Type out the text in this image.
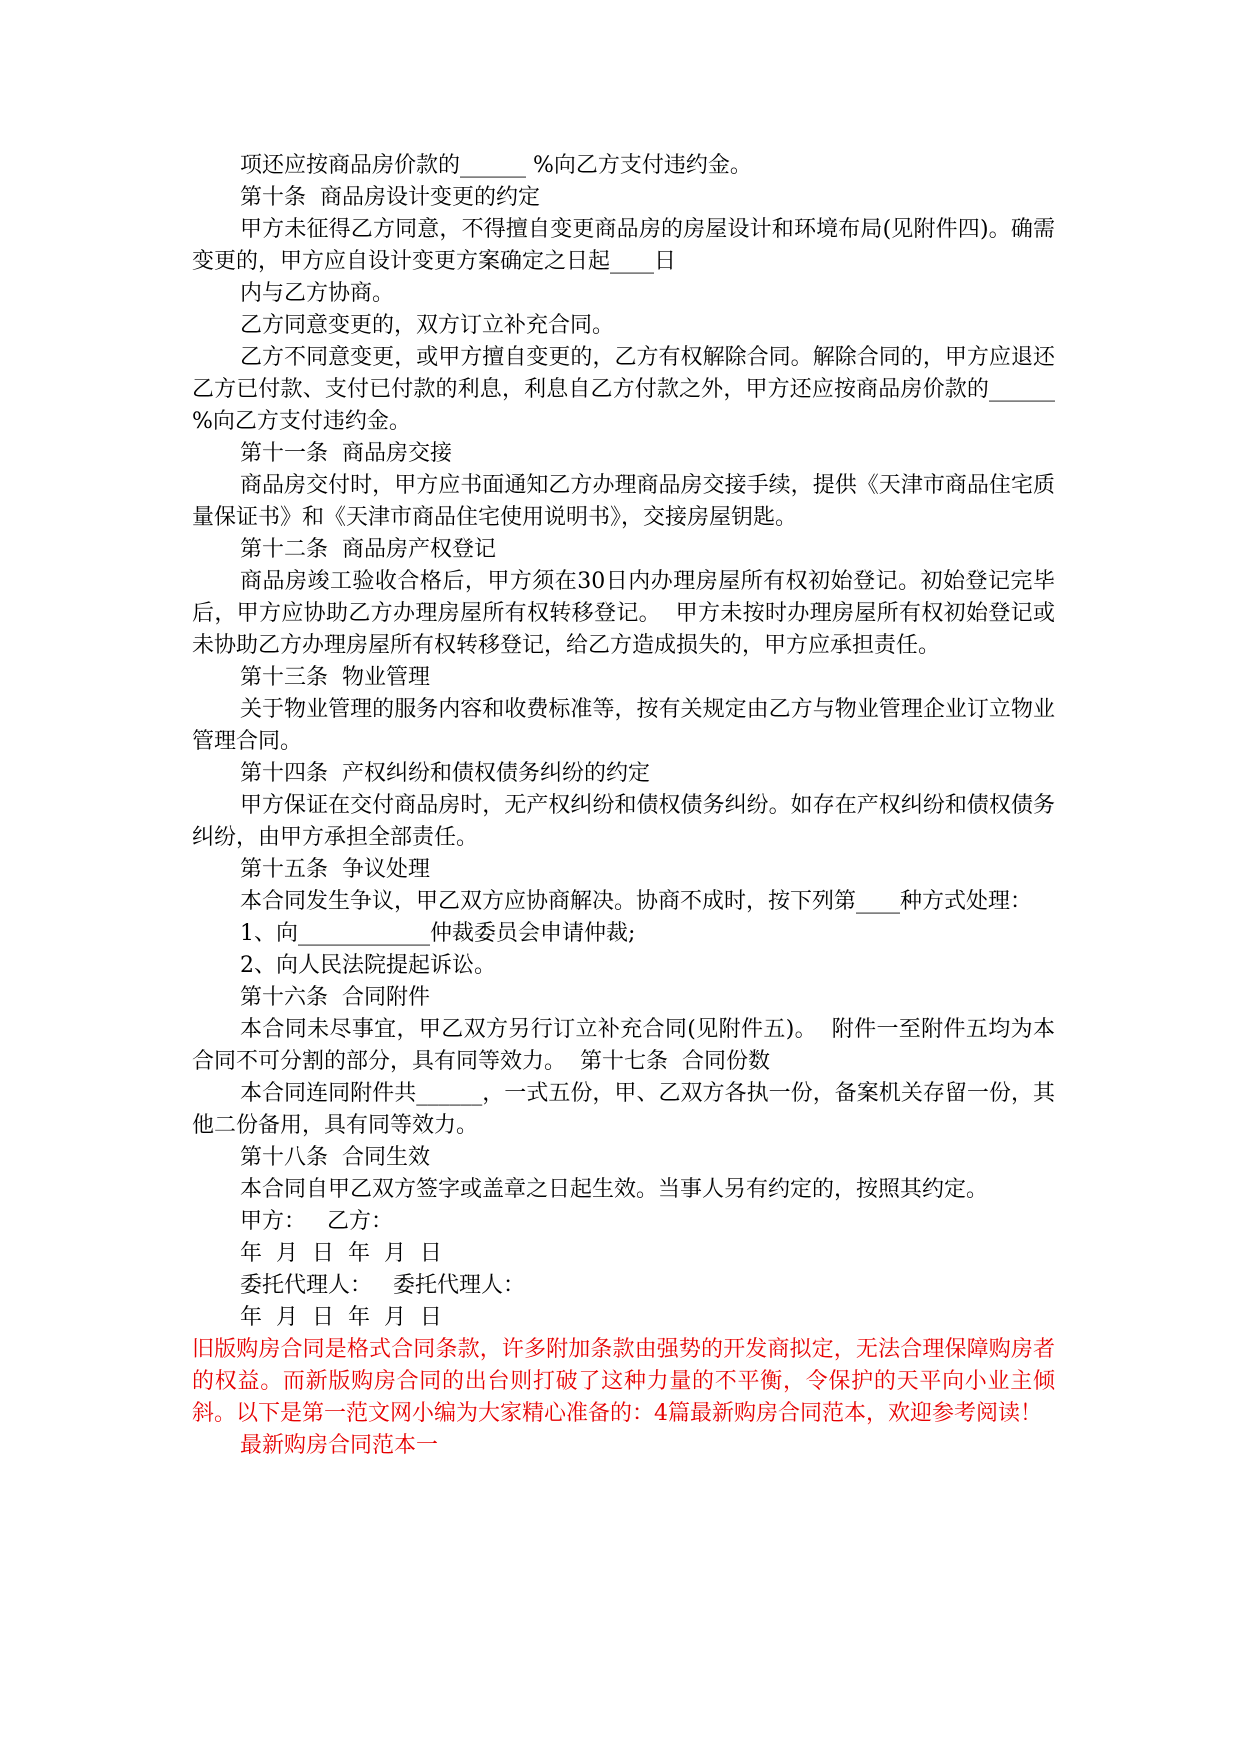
项还应按商品房价款的______ %向乙方支付违约金。

第十条  商品房设计变更的约定

甲方未征得乙方同意，不得擅自变更商品房的房屋设计和环境布局(见附件四)。确需变更的，甲方应自设计变更方案确定之日起____日

内与乙方协商。

乙方同意变更的，双方订立补充合同。

乙方不同意变更，或甲方擅自变更的，乙方有权解除合同。解除合同的，甲方应退还乙方已付款、支付已付款的利息，利息自乙方付款之外，甲方还应按商品房价款的______ %向乙方支付违约金。

第十一条  商品房交接

商品房交付时，甲方应书面通知乙方办理商品房交接手续，提供《天津市商品住宅质量保证书》和《天津市商品住宅使用说明书》，交接房屋钥匙。

第十二条  商品房产权登记

商品房竣工验收合格后，甲方须在30日内办理房屋所有权初始登记。初始登记完毕后，甲方应协助乙方办理房屋所有权转移登记。  甲方未按时办理房屋所有权初始登记或未协助乙方办理房屋所有权转移登记，给乙方造成损失的，甲方应承担责任。

第十三条  物业管理

关于物业管理的服务内容和收费标准等，按有关规定由乙方与物业管理企业订立物业管理合同。

第十四条  产权纠纷和债权债务纠纷的约定

甲方保证在交付商品房时，无产权纠纷和债权债务纠纷。如存在产权纠纷和债权债务纠纷，由甲方承担全部责任。

第十五条  争议处理

本合同发生争议，甲乙双方应协商解决。协商不成时，按下列第____种方式处理：

1、向____________仲裁委员会申请仲裁;

2、向人民法院提起诉讼。

第十六条  合同附件

本合同未尽事宜，甲乙双方另行订立补充合同(见附件五)。  附件一至附件五均为本合同不可分割的部分，具有同等效力。  第十七条  合同份数

本合同连同附件共______，一式五份，甲、乙双方各执一份，备案机关存留一份，其他二份备用，具有同等效力。

第十八条  合同生效

本合同自甲乙双方签字或盖章之日起生效。当事人另有约定的，按照其约定。

甲方：   乙方：

年  月  日  年  月  日

委托代理人：   委托代理人：

年  月  日  年  月  日

旧版购房合同是格式合同条款，许多附加条款由强势的开发商拟定，无法合理保障购房者的权益。而新版购房合同的出台则打破了这种力量的不平衡，令保护的天平向小业主倾斜。以下是第一范文网小编为大家精心准备的：4篇最新购房合同范本，欢迎参考阅读！

最新购房合同范本一
